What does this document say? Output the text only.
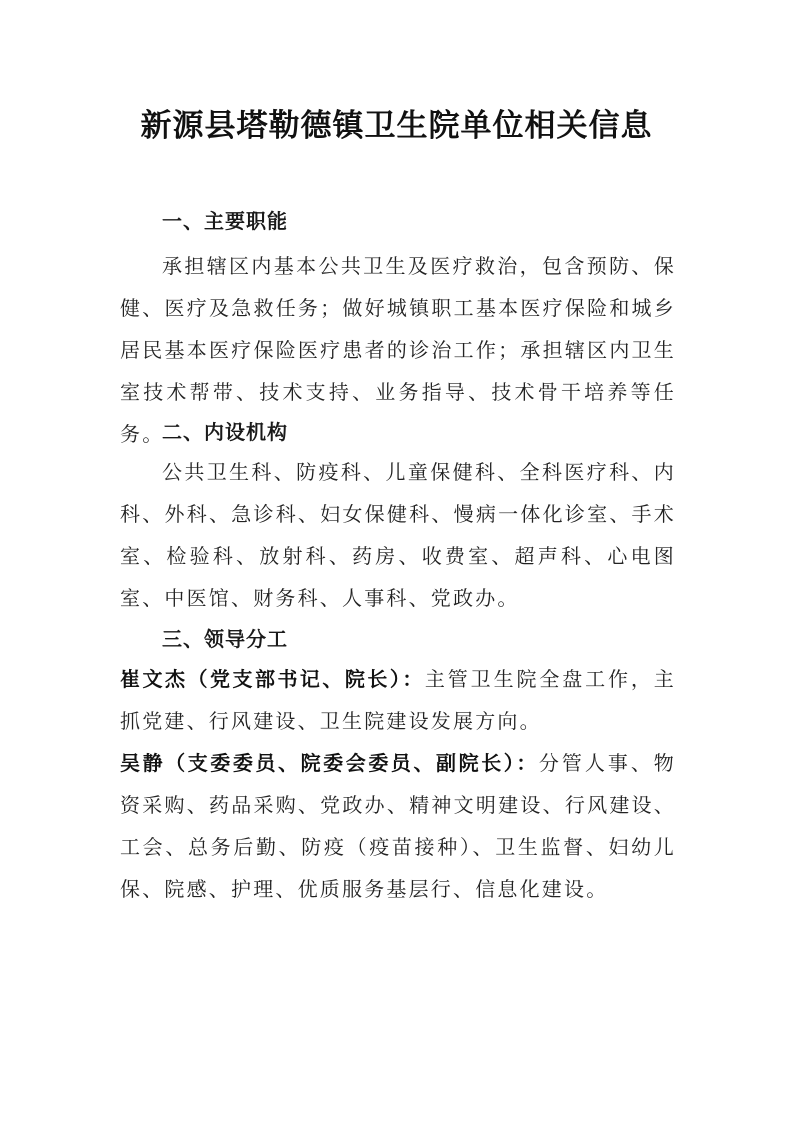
新源县塔勒德镇卫生院单位相关信息
一、主要职能
承担辖区内基本公共卫生及医疗救治，包含预防、保健、医疗及急救任务；做好城镇职工基本医疗保险和城乡居民基本医疗保险医疗患者的诊治工作；承担辖区内卫生室技术帮带、技术支持、业务指导、技术骨干培养等任务。
二、内设机构
公共卫生科、防疫科、儿童保健科、全科医疗科、内科、外科、急诊科、妇女保健科、慢病一体化诊室、手术室、检验科、放射科、药房、收费室、超声科、心电图室、中医馆、财务科、人事科、党政办。
三、领导分工
崔文杰（党支部书记、院长）：主管卫生院全盘工作，主抓党建、行风建设、卫生院建设发展方向。
吴静（支委委员、院委会委员、副院长）：分管人事、物资采购、药品采购、党政办、精神文明建设、行风建设、工会、总务后勤、防疫（疫苗接种）、卫生监督、妇幼儿保、院感、护理、优质服务基层行、信息化建设。
